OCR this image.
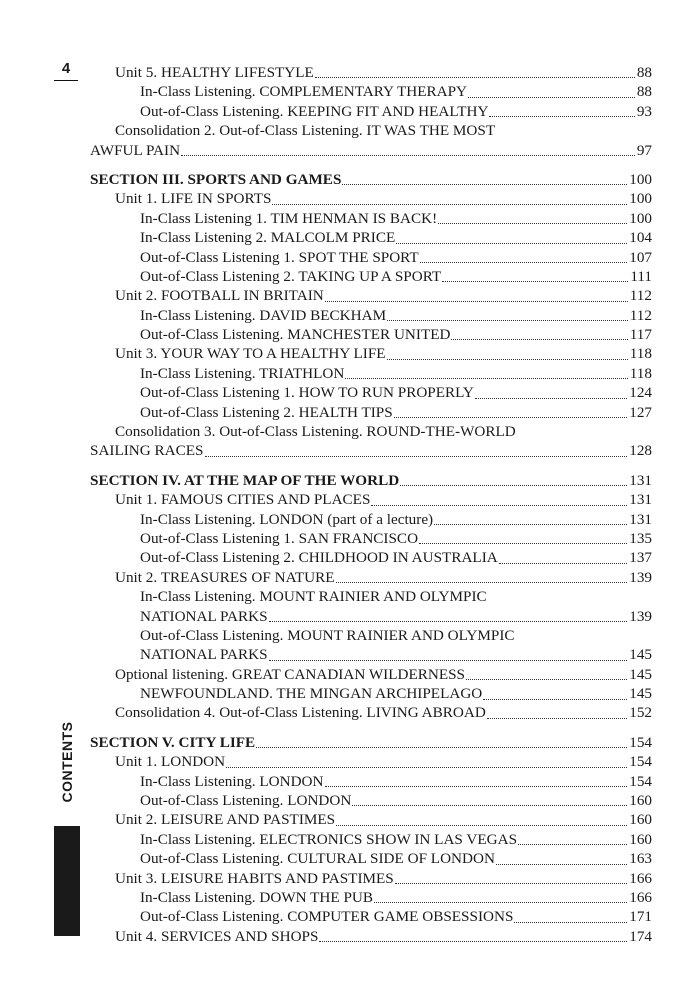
4
CONTENTS
Unit 5. HEALTHY LIFESTYLE	88
In-Class Listening. COMPLEMENTARY THERAPY	88
Out-of-Class Listening. KEEPING FIT AND HEALTHY	93
Consolidation 2. Out-of-Class Listening. IT WAS THE MOST
AWFUL PAIN	97
SECTION III. SPORTS AND GAMES	100
Unit 1. LIFE IN SPORTS	100
In-Class Listening 1. TIM HENMAN IS BACK!	100
In-Class Listening 2. MALCOLM PRICE	104
Out-of-Class Listening 1. SPOT THE SPORT	107
Out-of-Class Listening 2. TAKING UP A SPORT	111
Unit 2. FOOTBALL IN BRITAIN	112
In-Class Listening. DAVID BECKHAM	112
Out-of-Class Listening. MANCHESTER UNITED	117
Unit 3. YOUR WAY TO A HEALTHY LIFE	118
In-Class Listening. TRIATHLON	118
Out-of-Class Listening 1. HOW TO RUN PROPERLY	124
Out-of-Class Listening 2. HEALTH TIPS	127
Consolidation 3. Out-of-Class Listening. ROUND-THE-WORLD
SAILING RACES	128
SECTION IV. AT THE MAP OF THE WORLD	131
Unit 1. FAMOUS CITIES AND PLACES	131
In-Class Listening. LONDON (part of a lecture)	131
Out-of-Class Listening 1. SAN FRANCISCO	135
Out-of-Class Listening 2. CHILDHOOD IN AUSTRALIA	137
Unit 2. TREASURES OF NATURE	139
In-Class Listening. MOUNT RAINIER AND OLYMPIC
NATIONAL PARKS	139
Out-of-Class Listening. MOUNT RAINIER AND OLYMPIC
NATIONAL PARKS	145
Optional listening. GREAT CANADIAN WILDERNESS	145
NEWFOUNDLAND. THE MINGAN ARCHIPELAGO	145
Consolidation 4. Out-of-Class Listening. LIVING ABROAD	152
SECTION V. CITY LIFE	154
Unit 1. LONDON	154
In-Class Listening. LONDON	154
Out-of-Class Listening. LONDON	160
Unit 2. LEISURE AND PASTIMES	160
In-Class Listening. ELECTRONICS SHOW IN LAS VEGAS	160
Out-of-Class Listening. CULTURAL SIDE OF LONDON	163
Unit 3. LEISURE HABITS AND PASTIMES	166
In-Class Listening. DOWN THE PUB	166
Out-of-Class Listening. COMPUTER GAME OBSESSIONS	171
Unit 4. SERVICES AND SHOPS	174
